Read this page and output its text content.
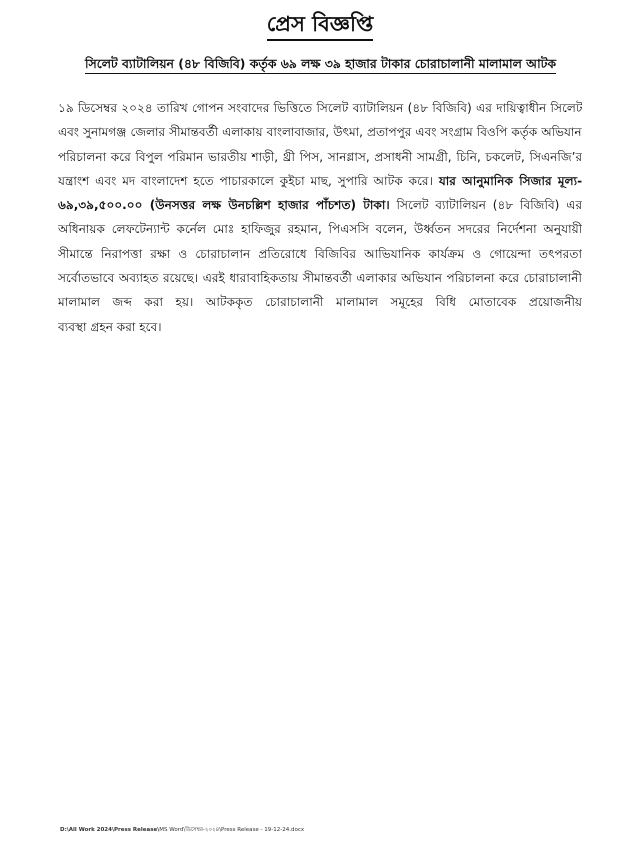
প্রেস বিজ্ঞপ্তি
সিলেট ব্যাটালিয়ন (৪৮ বিজিবি) কর্তৃক ৬৯ লক্ষ ৩৯ হাজার টাকার চোরাচালানী মালামাল আটক
১৯ ডিসেম্বর ২০২৪ তারিখ গোপন সংবাদের ভিত্তিতে সিলেট ব্যাটালিয়ন (৪৮ বিজিবি) এর দায়িত্বাধীন সিলেট
এবং সুনামগঞ্জ জেলার সীমান্তবর্তী এলাকায় বাংলাবাজার, উৎমা, প্রতাপপুর এবং সংগ্রাম বিওপি কর্তৃক অভিযান
পরিচালনা করে বিপুল পরিমান ভারতীয় শাড়ী, থ্রী পিস, সানগ্লাস, প্রসাধনী সামগ্রী, চিনি, চকলেট, সিএনজি’র
যন্ত্রাংশ এবং মদ বাংলাদেশ হতে পাচারকালে কুইচা মাছ, সুপারি আটক করে। যার আনুমানিক সিজার মূল্য-
৬৯,৩৯,৫০০.০০ (উনসত্তর লক্ষ উনচল্লিশ হাজার পাঁচশত) টাকা। সিলেট ব্যাটালিয়ন (৪৮ বিজিবি) এর
অধিনায়ক লেফটেন্যান্ট কর্নেল মোঃ হাফিজুর রহমান, পিএসসি বলেন, উর্ধ্বতন সদরের নির্দেশনা অনুযায়ী
সীমান্তে নিরাপত্তা রক্ষা ও চোরাচালান প্রতিরোধে বিজিবির আভিযানিক কার্যক্রম ও গোয়েন্দা তৎপরতা
সর্বোতভাবে অব্যাহত রয়েছে। এরই ধারাবাহিকতায় সীমান্তবর্তী এলাকার অভিযান পরিচালনা করে চোরাচালানী
মালামাল জব্দ করা হয়। আটককৃত চোরাচালানী মালামাল সমূহের বিধি মোতাবেক প্রয়োজনীয়
ব্যবস্থা গ্রহন করা হবে।
D:\All Work 2024\Press Release\MS Word\ডিসেম্বর-২০২৪\Press Release - 19-12-24.docx
